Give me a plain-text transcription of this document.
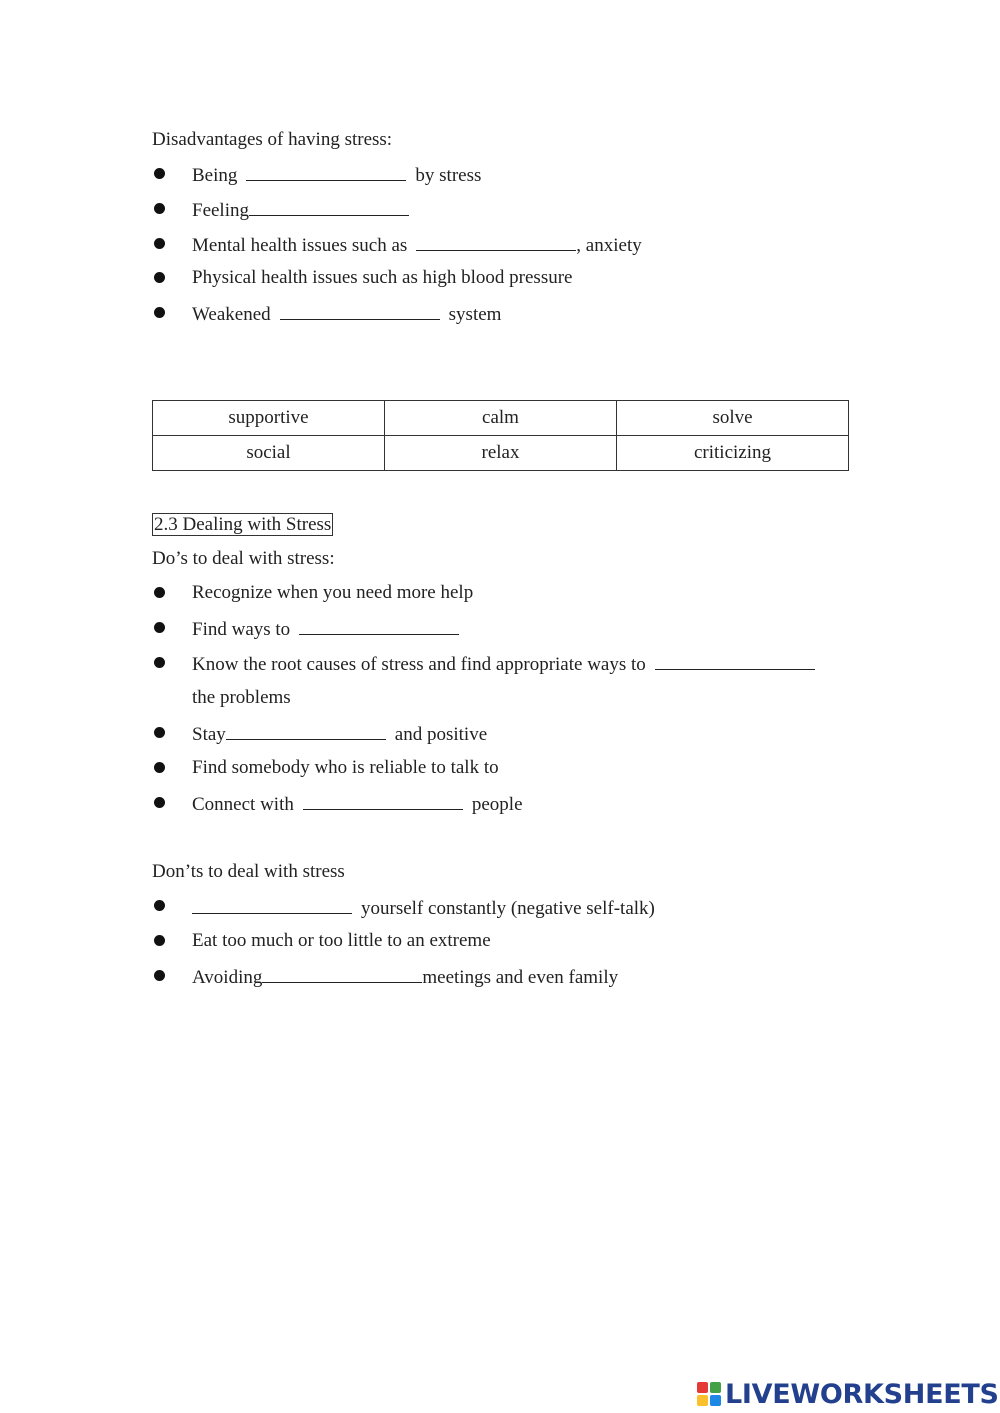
Disadvantages of having stress:
Being	by stress
Feeling
Mental health issues such as	, anxiety
Physical health issues such as high blood pressure
Weakened	system
supportive	calm	solve
social	relax	criticizing
2.3 Dealing with Stress
Do’s to deal with stress:
Recognize when you need more help
Find ways to
Know the root causes of stress and find appropriate ways to
the problems
Stay	and positive
Find somebody who is reliable to talk to
Connect with	people
Don’ts to deal with stress
yourself constantly (negative self-talk)
Eat too much or too little to an extreme
Avoiding	meetings and even family
LIVEWORKSHEETS
